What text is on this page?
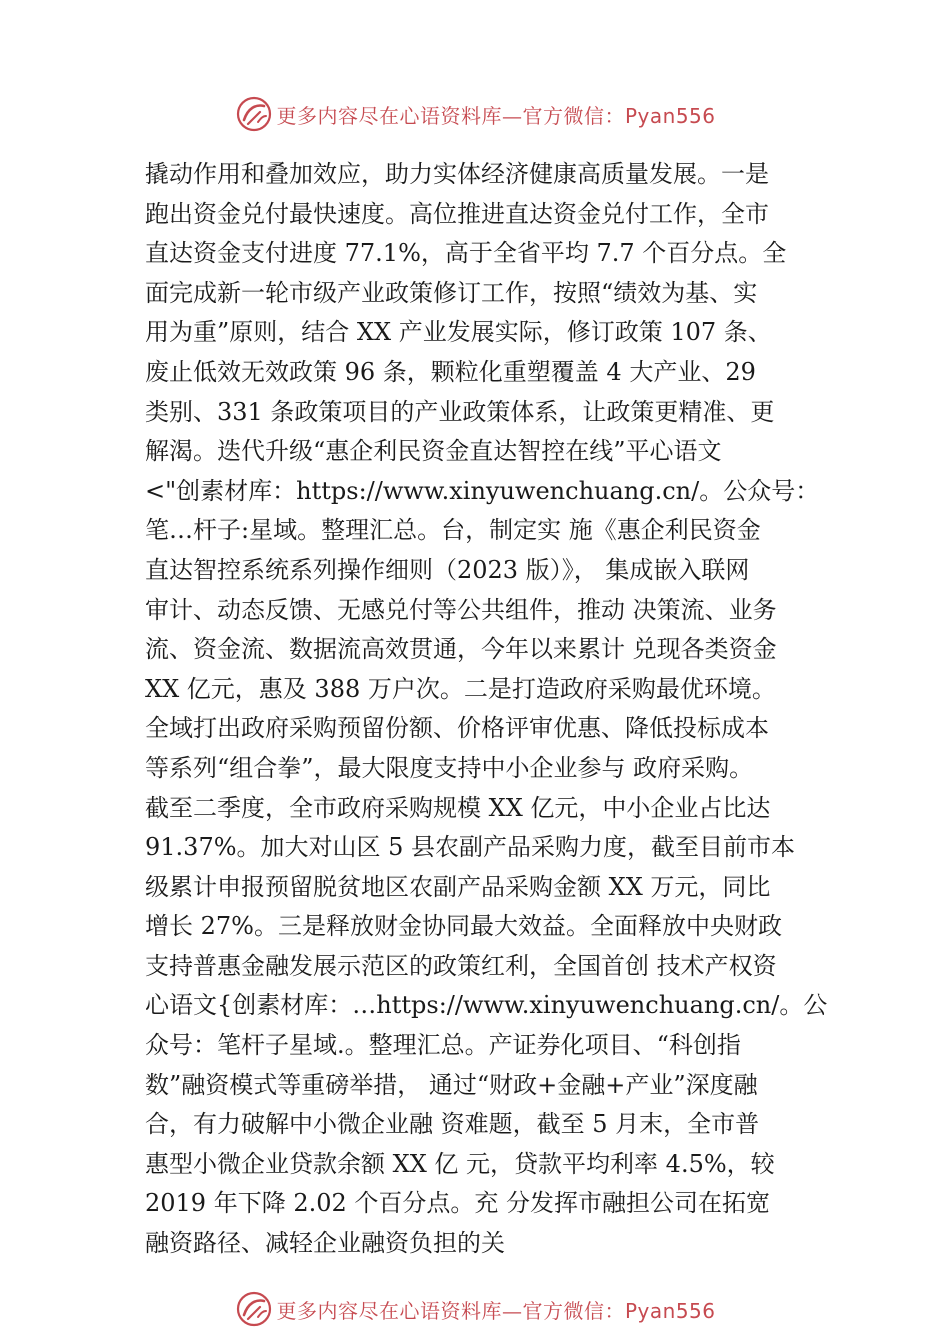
更多内容尽在心语资料库—官方微信：Pyan556
撬动作用和叠加效应，助力实体经济健康高质量发展。一是
跑出资金兑付最快速度。高位推进直达资金兑付工作，全市
直达资金支付进度 77.1%，高于全省平均 7.7 个百分点。全
面完成新一轮市级产业政策修订工作，按照“绩效为基、实
用为重”原则，结合 XX 产业发展实际，修订政策 107 条、
废止低效无效政策 96 条，颗粒化重塑覆盖 4 大产业、29
类别、331 条政策项目的产业政策体系，让政策更精准、更
解渴。迭代升级“惠企利民资金直达智控在线”平心语文
<"创素材库：https://www.xinyuwenchuang.cn/。公众号：
笔…杆子:星域。整理汇总。台，制定实 施《惠企利民资金
直达智控系统系列操作细则（2023 版）》， 集成嵌入联网
审计、动态反馈、无感兑付等公共组件，推动 决策流、业务
流、资金流、数据流高效贯通，今年以来累计 兑现各类资金
XX 亿元，惠及 388 万户次。二是打造政府采购最优环境。
全域打出政府采购预留份额、价格评审优惠、降低投标成本
等系列“组合拳”，最大限度支持中小企业参与 政府采购。
截至二季度，全市政府采购规模 XX 亿元，中小企业占比达
91.37%。加大对山区 5 县农副产品采购力度，截至目前市本
级累计申报预留脱贫地区农副产品采购金额 XX 万元，同比
增长 27%。三是释放财金协同最大效益。全面释放中央财政
支持普惠金融发展示范区的政策红利，全国首创 技术产权资
心语文{创素材库：…https://www.xinyuwenchuang.cn/。公
众号：笔杆子星域.。整理汇总。产证券化项目、“科创指
数”融资模式等重磅举措， 通过“财政+金融+产业”深度融
合，有力破解中小微企业融 资难题，截至 5 月末，全市普
惠型小微企业贷款余额 XX 亿 元，贷款平均利率 4.5%，较
2019 年下降 2.02 个百分点。充 分发挥市融担公司在拓宽
融资路径、减轻企业融资负担的关
更多内容尽在心语资料库—官方微信：Pyan556
